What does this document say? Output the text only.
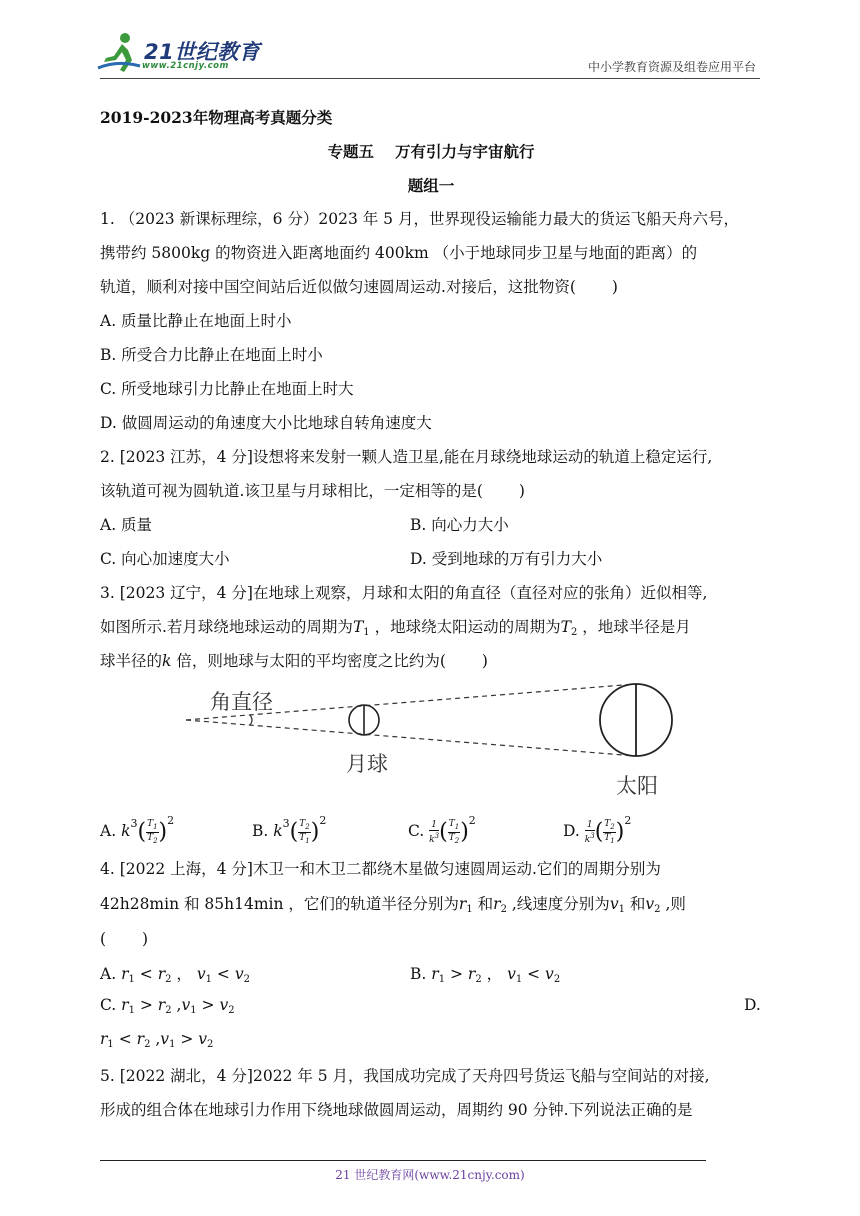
21世纪教育
www.21cnjy.com	中小学教育资源及组卷应用平台
2019-2023年物理高考真题分类
专题五　 万有引力与宇宙航行
题组一
1. （2023 新课标理综，6 分）2023 年 5 月，世界现役运输能力最大的货运飞船天舟六号，
携带约 5800kg 的物资进入距离地面约 400km （小于地球同步卫星与地面的距离）的
轨道，顺利对接中国空间站后近似做匀速圆周运动.对接后，这批物资(　　 )
A. 质量比静止在地面上时小
B. 所受合力比静止在地面上时小
C. 所受地球引力比静止在地面上时大
D. 做圆周运动的角速度大小比地球自转角速度大
2. [2023 江苏，4 分]设想将来发射一颗人造卫星,能在月球绕地球运动的轨道上稳定运行,
该轨道可视为圆轨道.该卫星与月球相比，一定相等的是(　　 )
A. 质量	B. 向心力大小
C. 向心加速度大小	D. 受到地球的万有引力大小
3. [2023 辽宁，4 分]在地球上观察，月球和太阳的角直径（直径对应的张角）近似相等,
如图所示.若月球绕地球运动的周期为$T_1$ ，地球绕太阳运动的周期为$T_2$ ，地球半径是月
球半径的k 倍，则地球与太阳的平均密度之比约为(　　 )
A. $k^3( \frac{T_1}{T_2} )^2$
B. $k^3( \frac{T_2}{T_1} )^2$
C. $\frac{1}{k^3}$ ( $\frac{T_1}{T_2} )^2$
D. $\frac{1}{k^3}$ ( $\frac{T_2}{T_1} )^2$
4. [2022 上海，4 分]木卫一和木卫二都绕木星做匀速圆周运动.它们的周期分别为
42h28min 和 85h14min ，它们的轨道半径分别为$r_1$ 和$r_2$ ,线速度分别为$v_1$ 和$v_2$ ,则
(　　 )
A. $r_1 < r_2$ ， $v_1 < v_2$	B. $r_1 > r_2$ ， $v_1 < v_2$
C. $r_1 > r_2$ $,v_1 > v_2$	D.
$r_1 < r_2$ $,v_1 > v_2$
5. [2022 湖北，4 分]2022 年 5 月，我国成功完成了天舟四号货运飞船与空间站的对接,
形成的组合体在地球引力作用下绕地球做圆周运动，周期约 90 分钟.下列说法正确的是
角直径
月球
太阳
21 世纪教育网(www.21cnjy.com)
